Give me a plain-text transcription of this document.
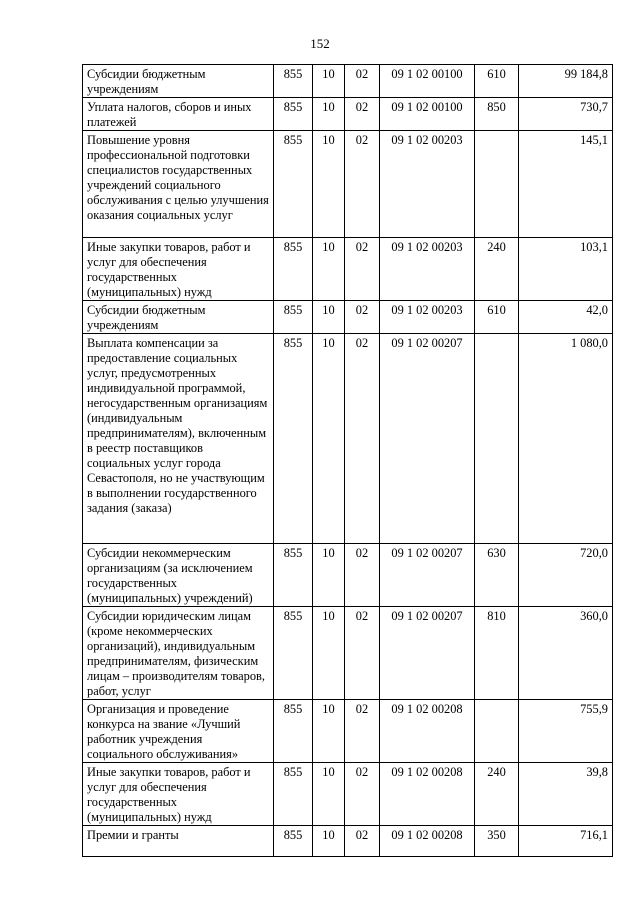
152
Субсидии бюджетным учреждениям	855	10	02	09 1 02 00100	610	99 184,8
Уплата налогов, сборов и иных платежей	855	10	02	09 1 02 00100	850	730,7
Повышение уровня профессиональной подготовки специалистов государственных учреждений социального обслуживания с целью улучшения оказания социальных услуг	855	10	02	09 1 02 00203		145,1
Иные закупки товаров, работ и услуг для обеспечения государственных (муниципальных) нужд	855	10	02	09 1 02 00203	240	103,1
Субсидии бюджетным учреждениям	855	10	02	09 1 02 00203	610	42,0
Выплата компенсации за предоставление социальных услуг, предусмотренных индивидуальной программой, негосударственным организациям (индивидуальным предпринимателям), включенным в реестр поставщиков социальных услуг города Севастополя, но не участвующим в выполнении государственного задания (заказа)	855	10	02	09 1 02 00207		1 080,0
Субсидии некоммерческим организациям (за исключением государственных (муниципальных) учреждений)	855	10	02	09 1 02 00207	630	720,0
Субсидии юридическим лицам (кроме некоммерческих организаций), индивидуальным предпринимателям, физическим лицам – производителям товаров, работ, услуг	855	10	02	09 1 02 00207	810	360,0
Организация и проведение конкурса на звание «Лучший работник учреждения социального обслуживания»	855	10	02	09 1 02 00208		755,9
Иные закупки товаров, работ и услуг для обеспечения государственных (муниципальных) нужд	855	10	02	09 1 02 00208	240	39,8
Премии и гранты	855	10	02	09 1 02 00208	350	716,1
